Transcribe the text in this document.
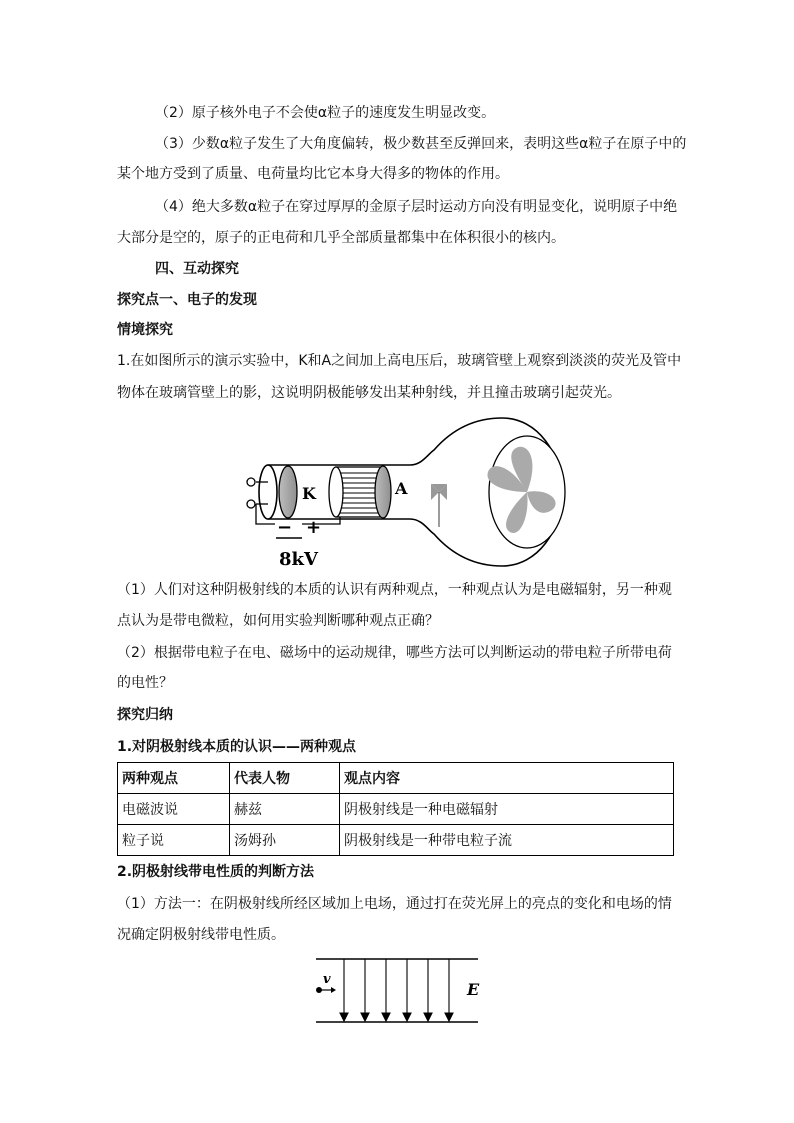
（2）原子核外电子不会使α粒子的速度发生明显改变。
（3）少数α粒子发生了大角度偏转，极少数甚至反弹回来，表明这些α粒子在原子中的
某个地方受到了质量、电荷量均比它本身大得多的物体的作用。
（4）绝大多数α粒子在穿过厚厚的金原子层时运动方向没有明显变化，说明原子中绝
大部分是空的，原子的正电荷和几乎全部质量都集中在体积很小的核内。
四、互动探究
探究点一、电子的发现
情境探究
1.在如图所示的演示实验中，K和A之间加上高电压后，玻璃管壁上观察到淡淡的荧光及管中
物体在玻璃管壁上的影，这说明阴极能够发出某种射线，并且撞击玻璃引起荧光。
K	A
− +
8kV
（1）人们对这种阴极射线的本质的认识有两种观点，一种观点认为是电磁辐射，另一种观
点认为是带电微粒，如何用实验判断哪种观点正确？
（2）根据带电粒子在电、磁场中的运动规律，哪些方法可以判断运动的带电粒子所带电荷
的电性？
探究归纳
1.对阴极射线本质的认识——两种观点
两种观点	代表人物	观点内容
电磁波说	赫兹	阴极射线是一种电磁辐射
粒子说	汤姆孙	阴极射线是一种带电粒子流
2.阴极射线带电性质的判断方法
（1）方法一：在阴极射线所经区域加上电场，通过打在荧光屏上的亮点的变化和电场的情
况确定阴极射线带电性质。
v
E
